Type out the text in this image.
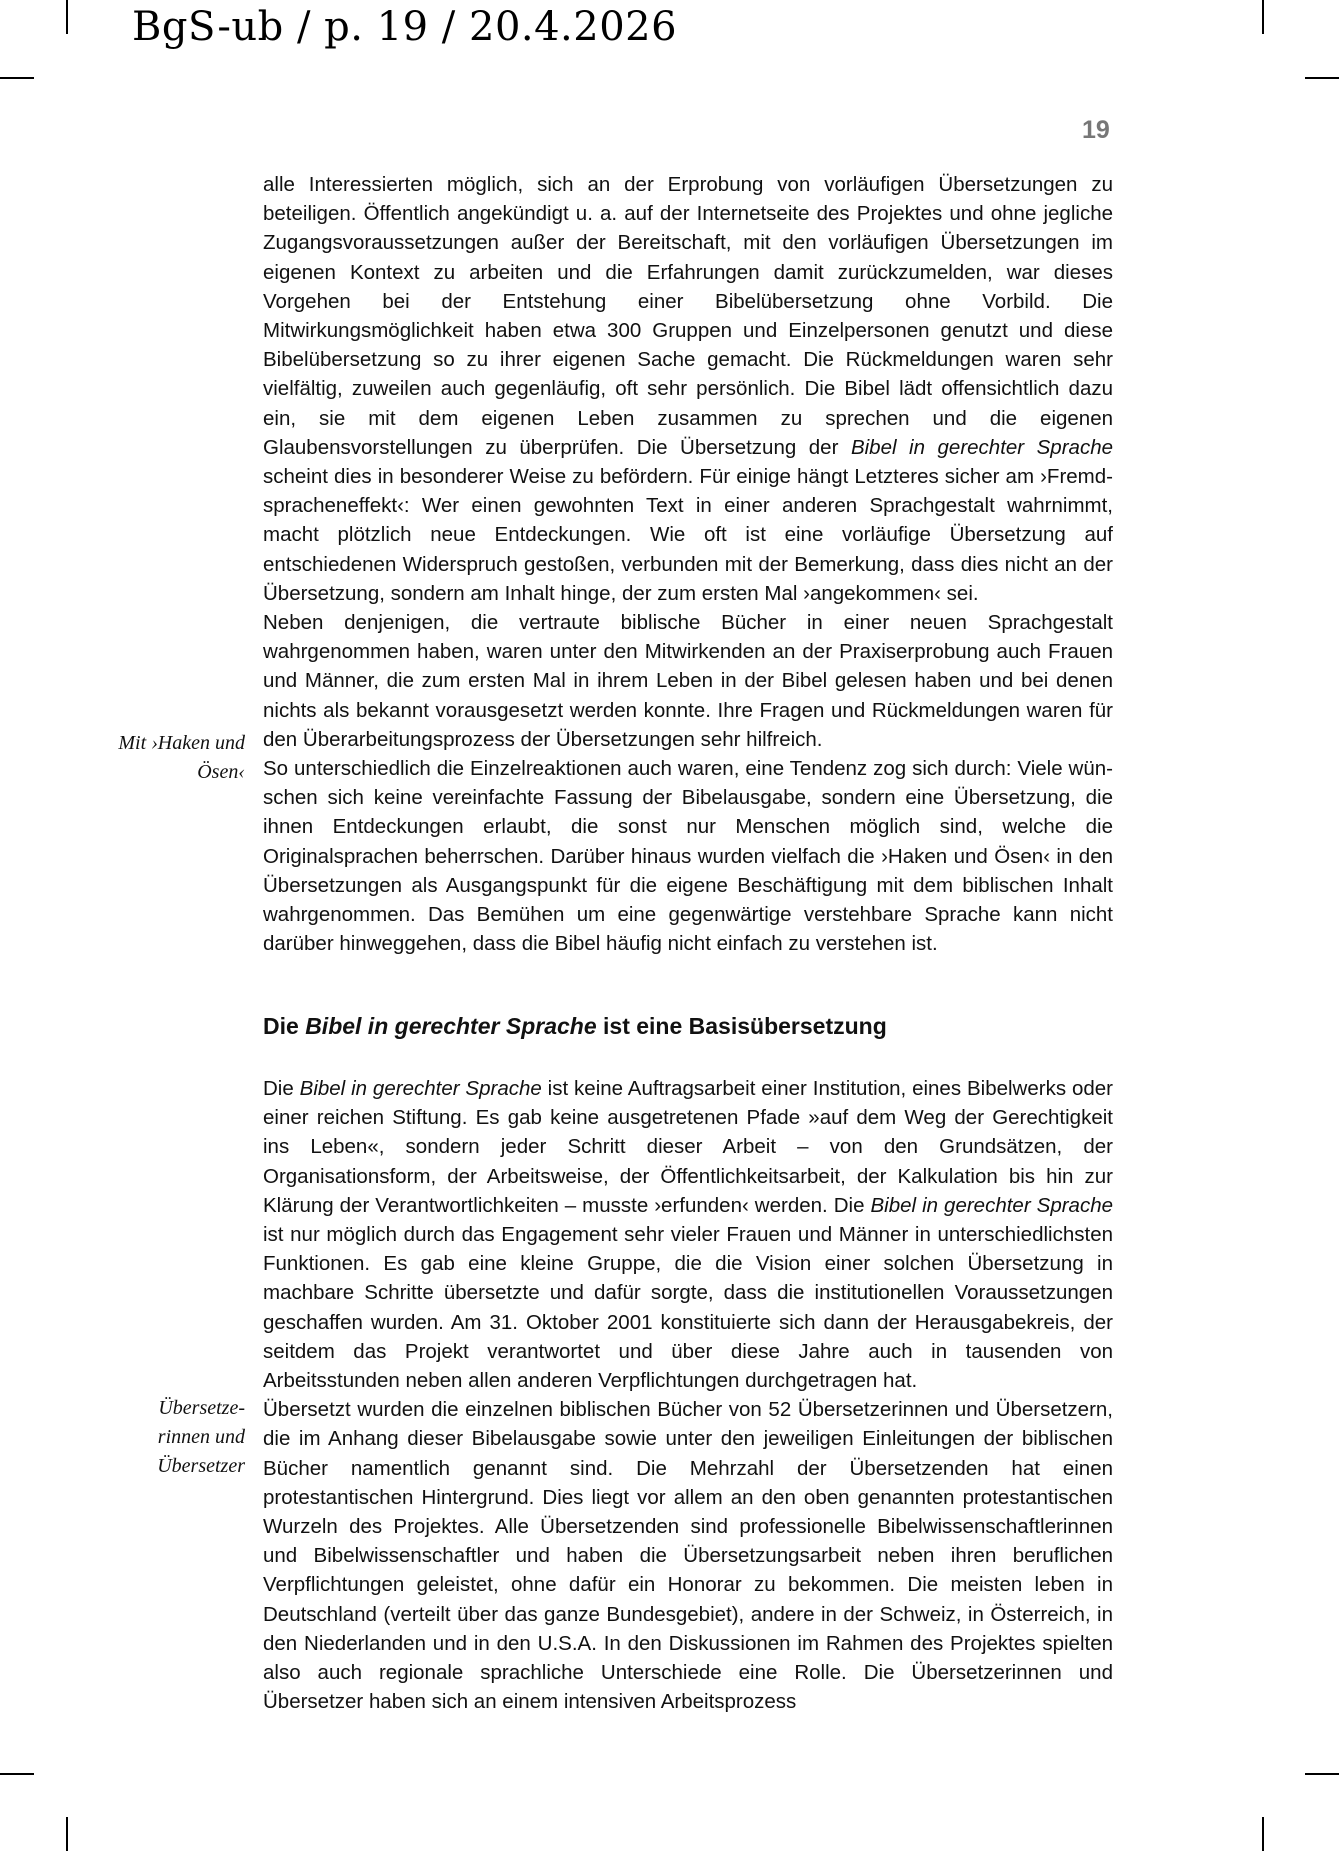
BgS-ub / p. 19 / 20.4.2026
19

alle Interessierten möglich, sich an der Erprobung von vorläufigen Übersetzungen zu beteiligen. Öffentlich angekündigt u. a. auf der Internetseite des Projektes und ohne jegliche Zugangsvoraussetzungen außer der Bereitschaft, mit den vorläufigen Übersetzungen im eigenen Kontext zu arbeiten und die Erfahrungen damit zurückzumelden, war dieses Vorgehen bei der Entstehung einer Bibelübersetzung ohne Vorbild. Die Mitwirkungsmöglichkeit haben etwa 300 Gruppen und Einzelpersonen genutzt und diese Bibelübersetzung so zu ihrer eigenen Sache gemacht. Die Rückmeldungen waren sehr vielfältig, zuweilen auch gegenläufig, oft sehr persönlich. Die Bibel lädt offensichtlich dazu ein, sie mit dem eigenen Leben zusammen zu sprechen und die eigenen Glaubensvorstellungen zu überprüfen. Die Übersetzung der Bibel in gerechter Sprache scheint dies in besonderer Weise zu befördern. Für einige hängt Letzteres sicher am ›Fremdspracheneffekt‹: Wer einen gewohnten Text in einer anderen Sprachgestalt wahrnimmt, macht plötzlich neue Entdeckungen. Wie oft ist eine vorläufige Übersetzung auf entschiedenen Widerspruch gestoßen, verbunden mit der Bemerkung, dass dies nicht an der Übersetzung, sondern am Inhalt hinge, der zum ersten Mal ›angekommen‹ sei.

Neben denjenigen, die vertraute biblische Bücher in einer neuen Sprachgestalt wahrgenommen haben, waren unter den Mitwirkenden an der Praxiserprobung auch Frauen und Männer, die zum ersten Mal in ihrem Leben in der Bibel gelesen haben und bei denen nichts als bekannt vorausgesetzt werden konnte. Ihre Fragen und Rückmeldungen waren für den Überarbeitungsprozess der Übersetzungen sehr hilfreich.

So unterschiedlich die Einzelreaktionen auch waren, eine Tendenz zog sich durch: Viele wünschen sich keine vereinfachte Fassung der Bibelausgabe, sondern eine Übersetzung, die ihnen Entdeckungen erlaubt, die sonst nur Menschen möglich sind, welche die Originalsprachen beherrschen. Darüber hinaus wurden vielfach die ›Haken und Ösen‹ in den Übersetzungen als Ausgangspunkt für die eigene Beschäftigung mit dem biblischen Inhalt wahrgenommen. Das Bemühen um eine gegenwärtige verstehbare Sprache kann nicht darüber hinweggehen, dass die Bibel häufig nicht einfach zu verstehen ist.

Mit ›Haken und Ösen‹
Die Bibel in gerechter Sprache ist eine Basisübersetzung

Die Bibel in gerechter Sprache ist keine Auftragsarbeit einer Institution, eines Bibelwerks oder einer reichen Stiftung. Es gab keine ausgetretenen Pfade »auf dem Weg der Gerechtigkeit ins Leben«, sondern jeder Schritt dieser Arbeit – von den Grundsätzen, der Organisationsform, der Arbeitsweise, der Öffentlichkeitsarbeit, der Kalkulation bis hin zur Klärung der Verantwortlichkeiten – musste ›erfunden‹ werden. Die Bibel in gerechter Sprache ist nur möglich durch das Engagement sehr vieler Frauen und Männer in unterschiedlichsten Funktionen. Es gab eine kleine Gruppe, die die Vision einer solchen Übersetzung in machbare Schritte übersetzte und dafür sorgte, dass die institutionellen Voraussetzungen geschaffen wurden. Am 31. Oktober 2001 konstituierte sich dann der Herausgabekreis, der seitdem das Projekt verantwortet und über diese Jahre auch in tausenden von Arbeitsstunden neben allen anderen Verpflichtungen durchgetragen hat.

Übersetzt wurden die einzelnen biblischen Bücher von 52 Übersetzerinnen und Übersetzern, die im Anhang dieser Bibelausgabe sowie unter den jeweiligen Einleitungen der biblischen Bücher namentlich genannt sind. Die Mehrzahl der Übersetzenden hat einen protestantischen Hintergrund. Dies liegt vor allem an den oben genannten protestantischen Wurzeln des Projektes. Alle Übersetzenden sind professionelle Bibelwissenschaftlerinnen und Bibelwissenschaftler und haben die Übersetzungsarbeit neben ihren beruflichen Verpflichtungen geleistet, ohne dafür ein Honorar zu bekommen. Die meisten leben in Deutschland (verteilt über das ganze Bundesgebiet), andere in der Schweiz, in Österreich, in den Niederlanden und in den U.S.A. In den Diskussionen im Rahmen des Projektes spielten also auch regionale sprachliche Unterschiede eine Rolle. Die Übersetzerinnen und Übersetzer haben sich an einem intensiven Arbeitsprozess

Übersetzerinnen und Übersetzer
